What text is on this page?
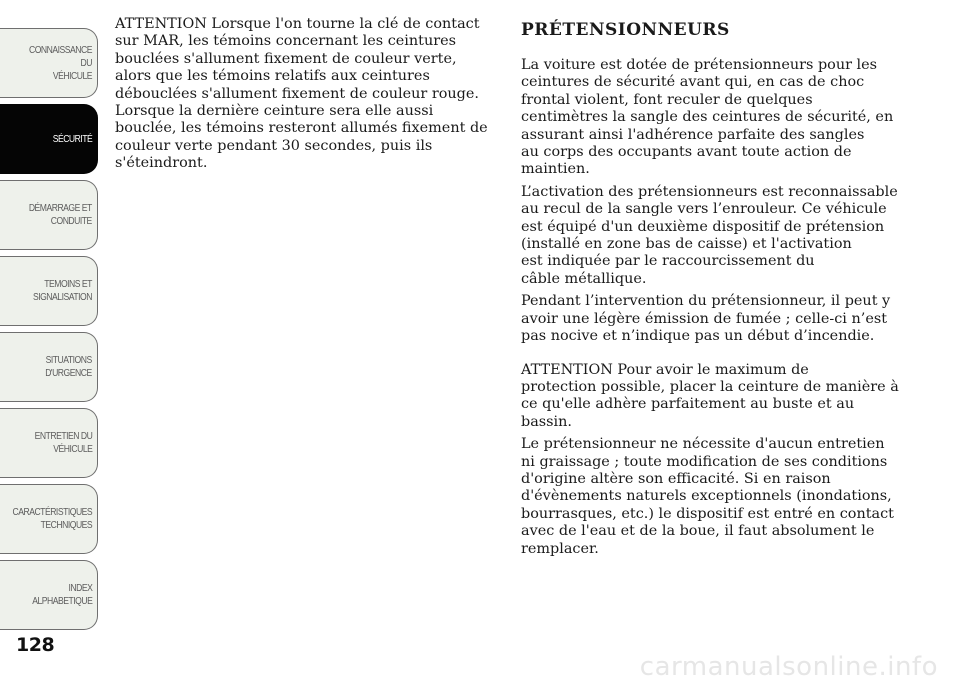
CONNAISSANCE DU
VÉHICULE
SÉCURITÉ
DÉMARRAGE ET
CONDUITE
TEMOINS ET
SIGNALISATION
SITUATIONS
D'URGENCE
ENTRETIEN DU
VÉHICULE
CARACTÉRISTIQUES
TECHNIQUES
INDEX
ALPHABETIQUE
128

ATTENTION Lorsque l'on tourne la clé de contact
sur MAR, les témoins concernant les ceintures
bouclées s'allument fixement de couleur verte,
alors que les témoins relatifs aux ceintures
débouclées s'allument fixement de couleur rouge.
Lorsque la dernière ceinture sera elle aussi
bouclée, les témoins resteront allumés fixement de
couleur verte pendant 30 secondes, puis ils
s'éteindront.

PRÉTENSIONNEURS

La voiture est dotée de prétensionneurs pour les
ceintures de sécurité avant qui, en cas de choc
frontal violent, font reculer de quelques
centimètres la sangle des ceintures de sécurité, en
assurant ainsi l'adhérence parfaite des sangles
au corps des occupants avant toute action de
maintien.

L’activation des prétensionneurs est reconnaissable
au recul de la sangle vers l’enrouleur. Ce véhicule
est équipé d'un deuxième dispositif de prétension
(installé en zone bas de caisse) et l'activation
est indiquée par le raccourcissement du
câble métallique.

Pendant l’intervention du prétensionneur, il peut y
avoir une légère émission de fumée ; celle-ci n’est
pas nocive et n’indique pas un début d’incendie.

ATTENTION Pour avoir le maximum de
protection possible, placer la ceinture de manière à
ce qu'elle adhère parfaitement au buste et au
bassin.

Le prétensionneur ne nécessite d'aucun entretien
ni graissage ; toute modification de ses conditions
d'origine altère son efficacité. Si en raison
d'évènements naturels exceptionnels (inondations,
bourrasques, etc.) le dispositif est entré en contact
avec de l'eau et de la boue, il faut absolument le
remplacer.

carmanualsonline.info
